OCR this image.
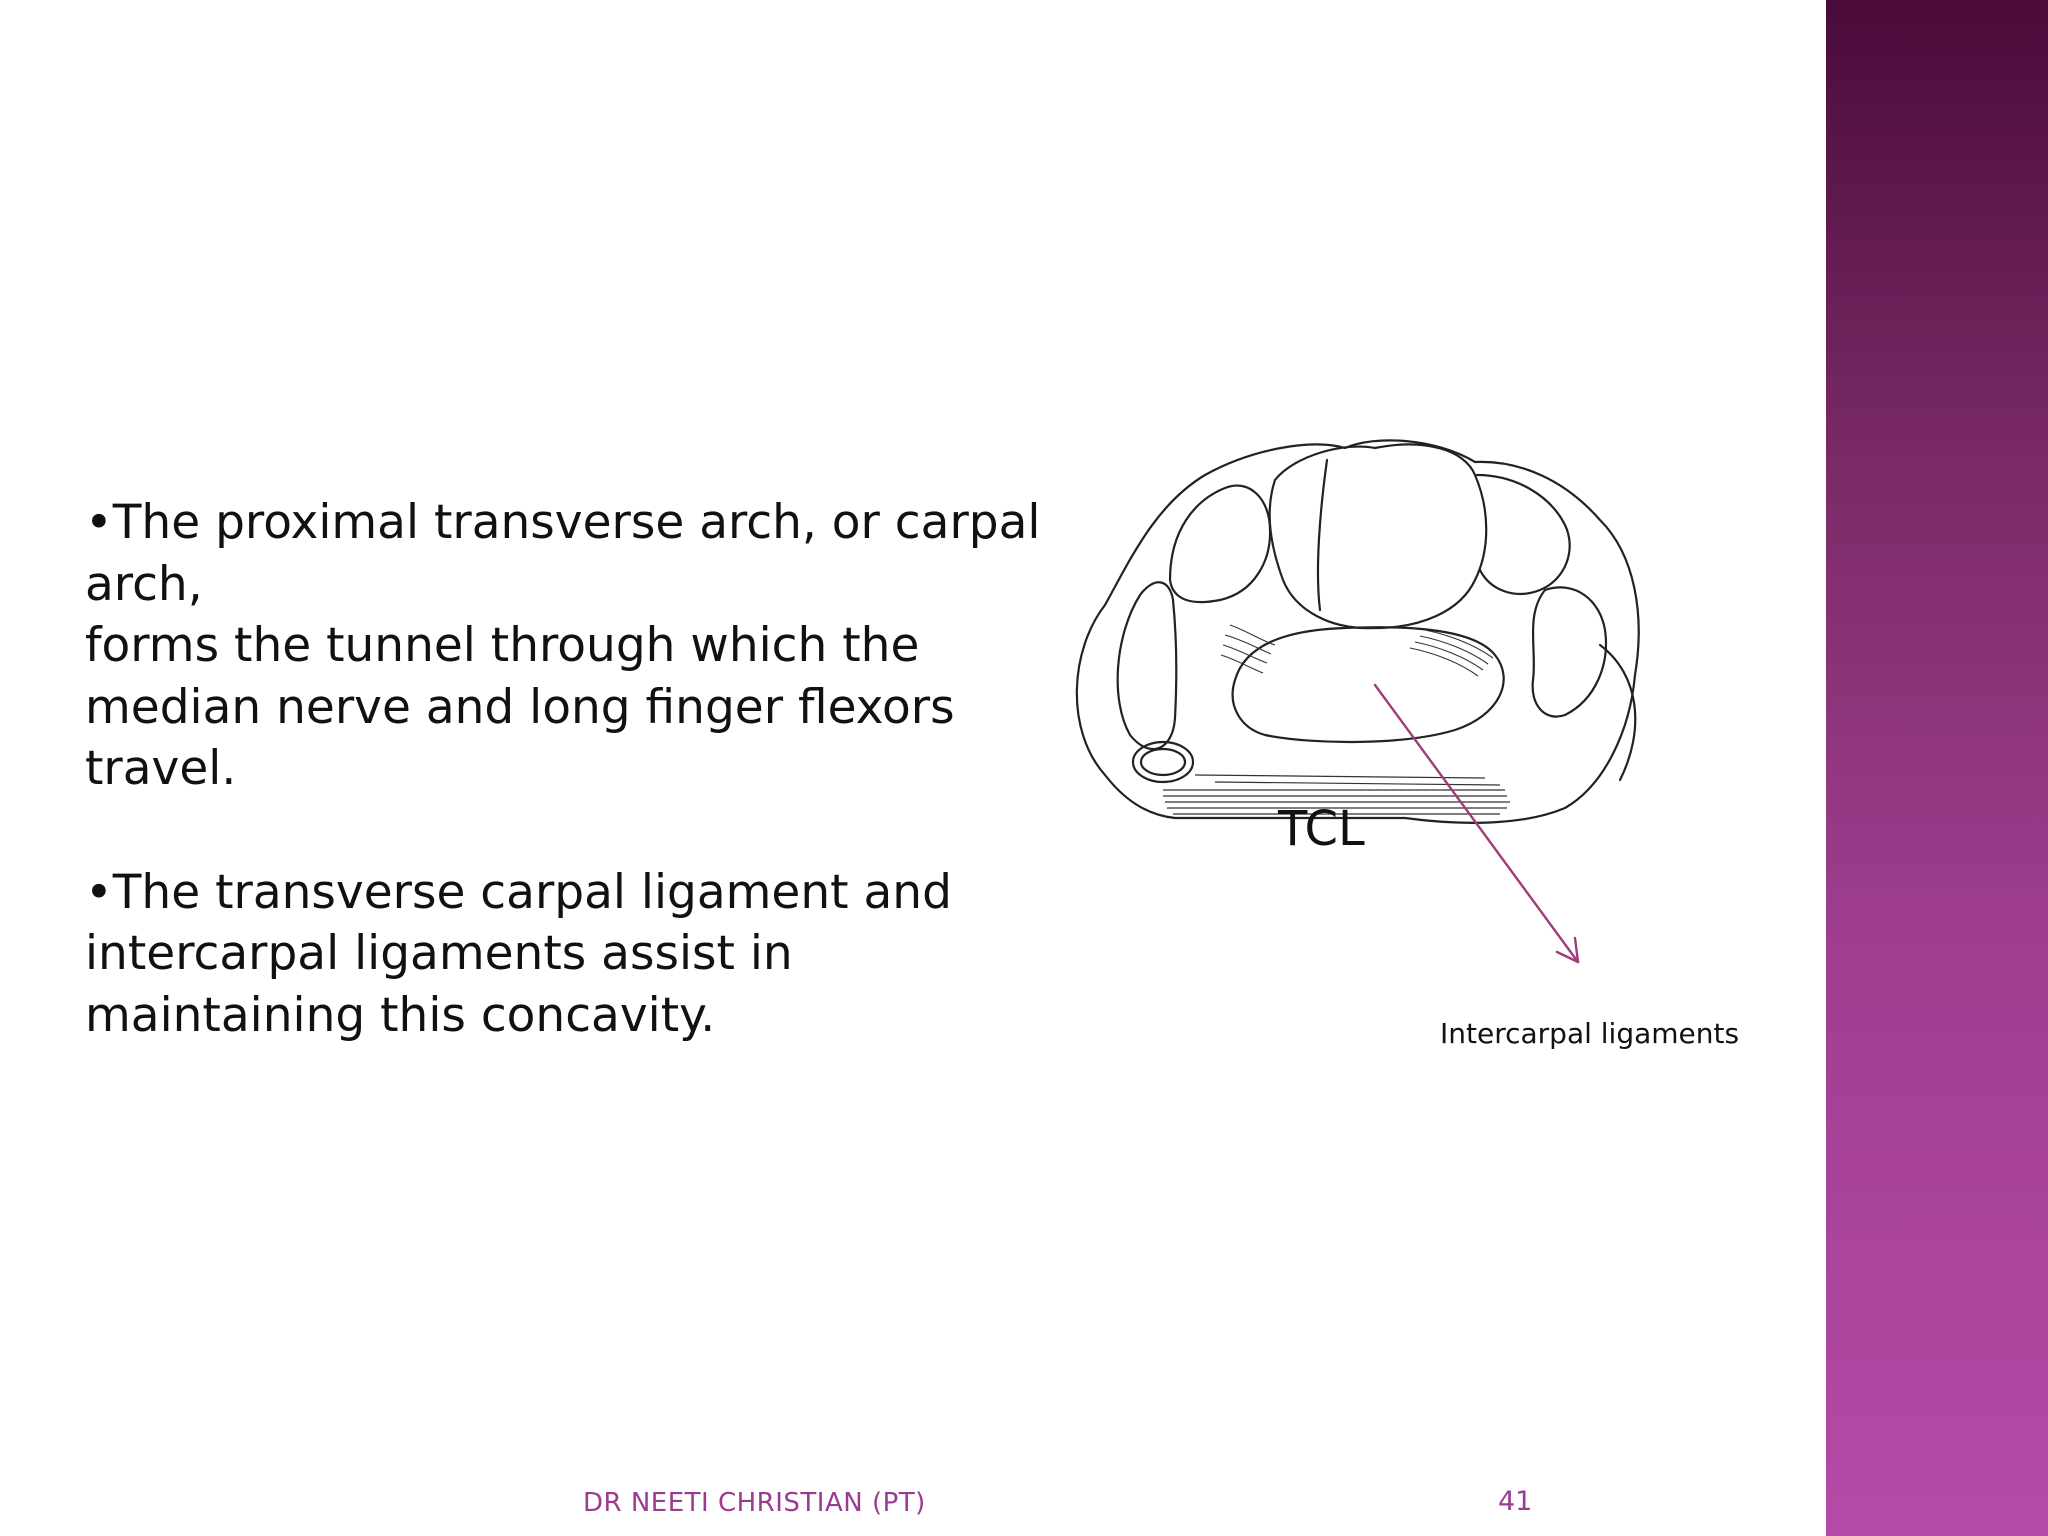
•The proximal transverse arch, or carpal arch,

forms the tunnel through which the median nerve and long finger flexors travel.

•The transverse carpal ligament and intercarpal ligaments assist in maintaining this concavity.

TCL
Intercarpal ligaments
DR NEETI CHRISTIAN (PT)	41
